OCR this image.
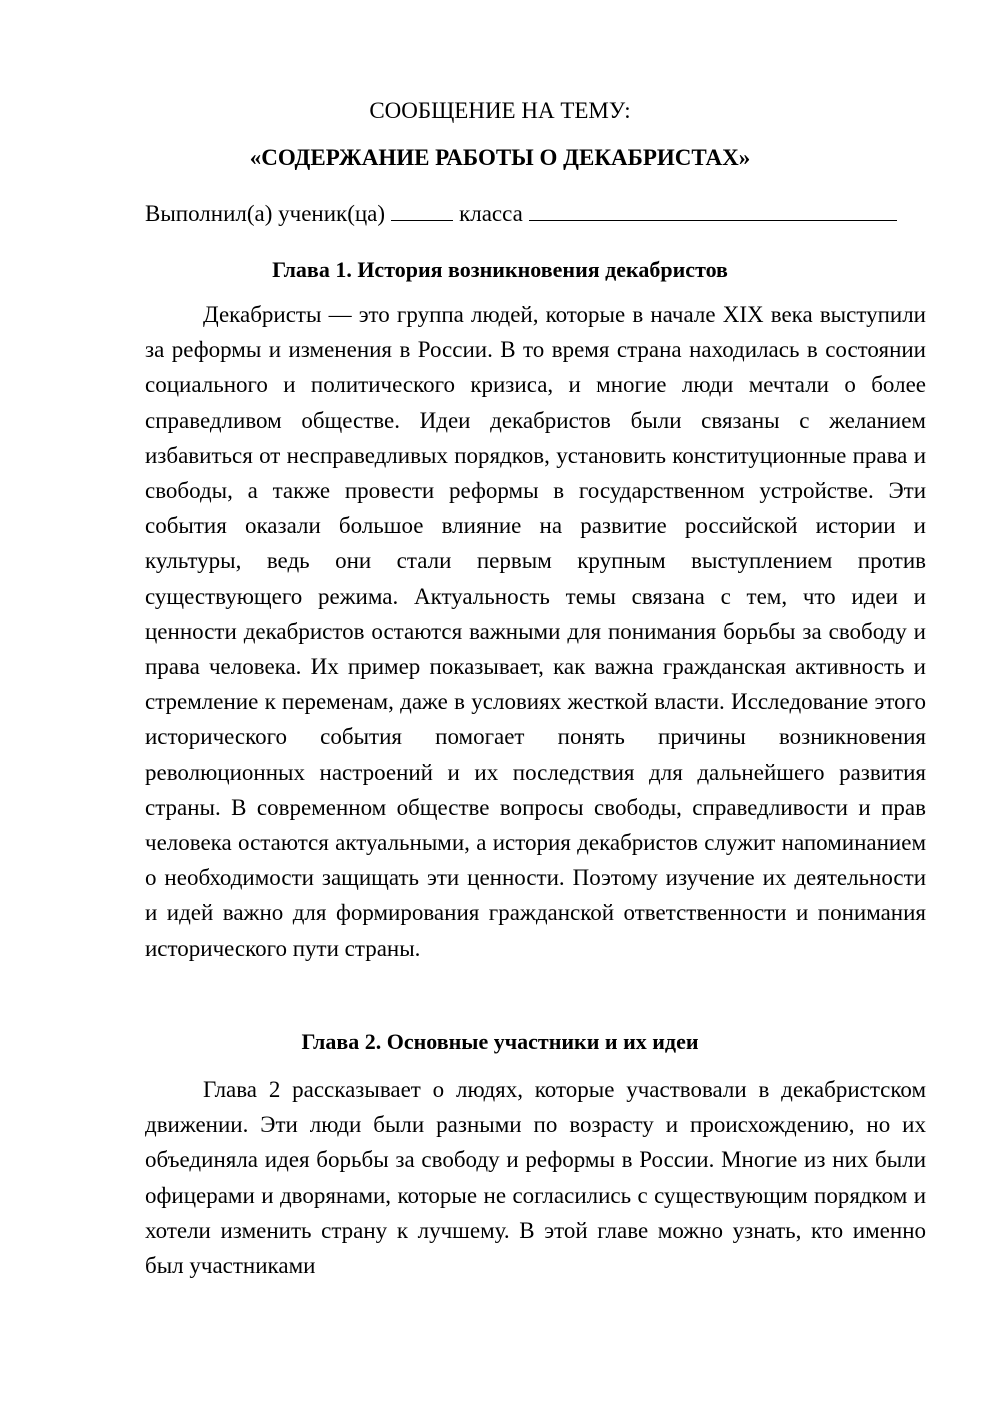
СООБЩЕНИЕ НА ТЕМУ:
«СОДЕРЖАНИЕ РАБОТЫ О ДЕКАБРИСТАХ»
Выполнил(а) ученик(ца)	класса
Глава 1. История возникновения декабристов
Декабристы — это группа людей, которые в начале XIX века выступили за реформы и изменения в России. В то время страна находилась в состоянии социального и политического кризиса, и многие люди мечтали о более справедливом обществе. Идеи декабристов были связаны с желанием избавиться от несправедливых порядков, установить конституционные права и свободы, а также провести реформы в государственном устройстве. Эти события оказали большое влияние на развитие российской истории и культуры, ведь они стали первым крупным выступлением против существующего режима. Актуальность темы связана с тем, что идеи и ценности декабристов остаются важными для понимания борьбы за свободу и права человека. Их пример показывает, как важна гражданская активность и стремление к переменам, даже в условиях жесткой власти. Исследование этого исторического события помогает понять причины возникновения революционных настроений и их последствия для дальнейшего развития страны. В современном обществе вопросы свободы, справедливости и прав человека остаются актуальными, а история декабристов служит напоминанием о необходимости защищать эти ценности. Поэтому изучение их деятельности и идей важно для формирования гражданской ответственности и понимания исторического пути страны.
Глава 2. Основные участники и их идеи
Глава 2 рассказывает о людях, которые участвовали в декабристском движении. Эти люди были разными по возрасту и происхождению, но их объединяла идея борьбы за свободу и реформы в России. Многие из них были офицерами и дворянами, которые не согласились с существующим порядком и хотели изменить страну к лучшему. В этой главе можно узнать, кто именно был участниками
